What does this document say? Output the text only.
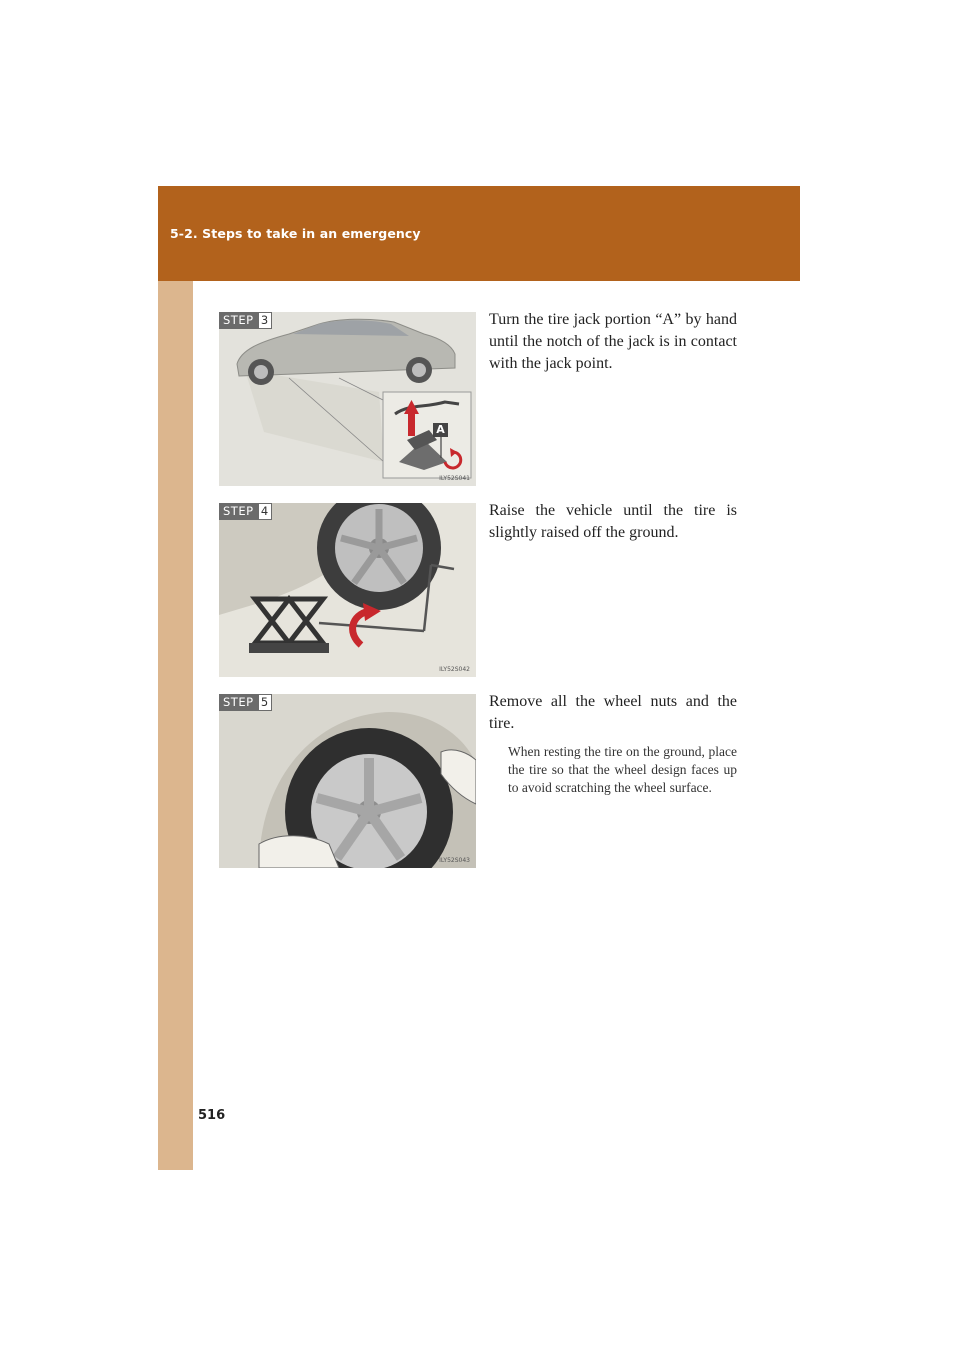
5-2. Steps to take in an emergency
516
STEP 3
A
ILY52S041

Turn the tire jack portion “A” by hand until the notch of the jack is in contact with the jack point.

STEP 4
ILY52S042

Raise the vehicle until the tire is slightly raised off the ground.

STEP 5
ILY52S043

Remove all the wheel nuts and the tire.

When resting the tire on the ground, place the tire so that the wheel design faces up to avoid scratching the wheel surface.
